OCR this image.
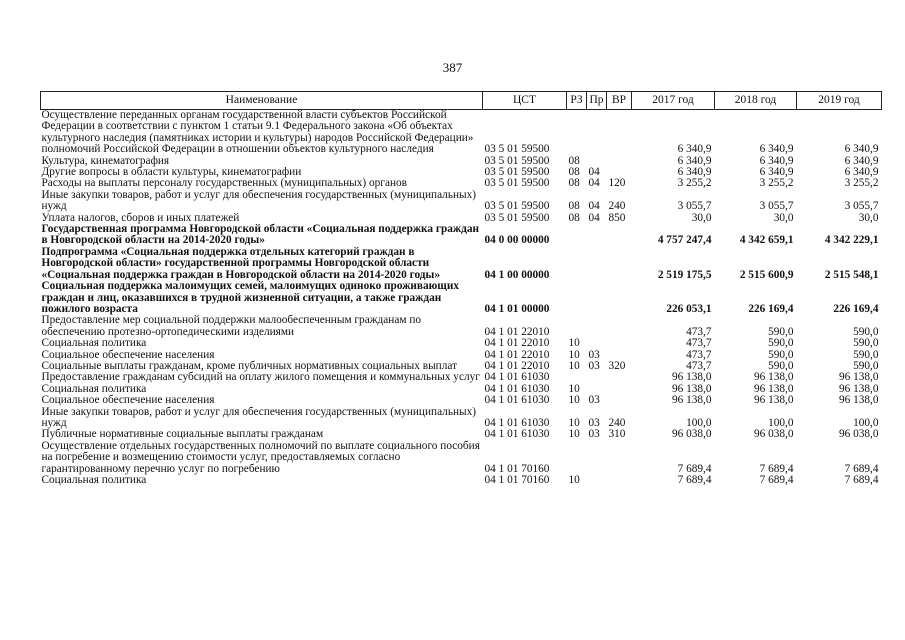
387
Наименование	ЦСТ	РЗ	Пр	ВР	2017 год	2018 год	2019 год
Осуществление переданных органам государственной власти субъектов Российской Федерации в соответствии с пунктом 1 статьи 9.1 Федерального закона «Об объектах культурного наследия (памятниках истории и культуры) народов Российской Федерации» полномочий Российской Федерации в отношении объектов культурного наследия	03 5 01 59500				6 340,9	6 340,9	6 340,9
Культура, кинематография	03 5 01 59500	08			6 340,9	6 340,9	6 340,9
Другие вопросы в области культуры, кинематографии	03 5 01 59500	08	04		6 340,9	6 340,9	6 340,9
Расходы на выплаты персоналу государственных (муниципальных) органов	03 5 01 59500	08	04	120	3 255,2	3 255,2	3 255,2
Иные закупки товаров, работ и услуг для обеспечения государственных (муниципальных) нужд	03 5 01 59500	08	04	240	3 055,7	3 055,7	3 055,7
Уплата налогов, сборов и иных платежей	03 5 01 59500	08	04	850	30,0	30,0	30,0
Государственная программа Новгородской области «Социальная поддержка граждан в Новгородской области на 2014-2020 годы»	04 0 00 00000				4 757 247,4	4 342 659,1	4 342 229,1
Подпрограмма «Социальная поддержка отдельных категорий граждан в Новгородской области» государственной программы Новгородской области «Социальная поддержка граждан в Новгородской области на 2014-2020 годы»	04 1 00 00000				2 519 175,5	2 515 600,9	2 515 548,1
Социальная поддержка малоимущих семей, малоимущих одиноко проживающих граждан и лиц, оказавшихся в трудной жизненной ситуации, а также граждан пожилого возраста	04 1 01 00000				226 053,1	226 169,4	226 169,4
Предоставление мер социальной поддержки малообеспеченным гражданам по обеспечению протезно-ортопедическими изделиями	04 1 01 22010				473,7	590,0	590,0
Социальная политика	04 1 01 22010	10			473,7	590,0	590,0
Социальное обеспечение населения	04 1 01 22010	10	03		473,7	590,0	590,0
Социальные выплаты гражданам, кроме публичных нормативных социальных выплат	04 1 01 22010	10	03	320	473,7	590,0	590,0
Предоставление гражданам субсидий на оплату жилого помещения и коммунальных услуг	04 1 01 61030				96 138,0	96 138,0	96 138,0
Социальная политика	04 1 01 61030	10			96 138,0	96 138,0	96 138,0
Социальное обеспечение населения	04 1 01 61030	10	03		96 138,0	96 138,0	96 138,0
Иные закупки товаров, работ и услуг для обеспечения государственных (муниципальных) нужд	04 1 01 61030	10	03	240	100,0	100,0	100,0
Публичные нормативные социальные выплаты гражданам	04 1 01 61030	10	03	310	96 038,0	96 038,0	96 038,0
Осуществление отдельных государственных полномочий по выплате социального пособия на погребение и возмещению стоимости услуг, предоставляемых согласно гарантированному перечню услуг по погребению	04 1 01 70160				7 689,4	7 689,4	7 689,4
Социальная политика	04 1 01 70160	10			7 689,4	7 689,4	7 689,4
